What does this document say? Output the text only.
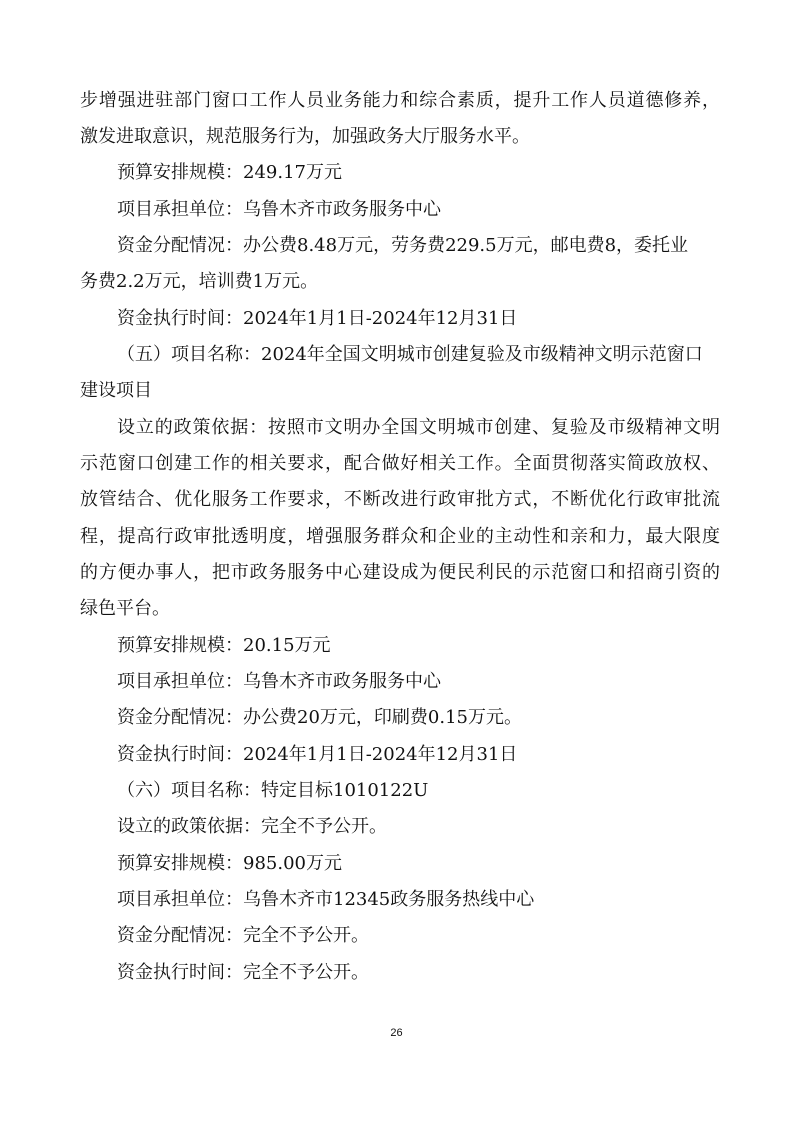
步增强进驻部门窗口工作人员业务能力和综合素质，提升工作人员道德修养，
激发进取意识，规范服务行为，加强政务大厅服务水平。
预算安排规模：249.17万元
项目承担单位：乌鲁木齐市政务服务中心
资金分配情况：办公费8.48万元，劳务费229.5万元，邮电费8，委托业
务费2.2万元，培训费1万元。
资金执行时间：2024年1月1日-2024年12月31日
（五）项目名称：2024年全国文明城市创建复验及市级精神文明示范窗口
建设项目
设立的政策依据：按照市文明办全国文明城市创建、复验及市级精神文明
示范窗口创建工作的相关要求，配合做好相关工作。全面贯彻落实简政放权、
放管结合、优化服务工作要求，不断改进行政审批方式，不断优化行政审批流
程，提高行政审批透明度，增强服务群众和企业的主动性和亲和力，最大限度
的方便办事人，把市政务服务中心建设成为便民利民的示范窗口和招商引资的
绿色平台。
预算安排规模：20.15万元
项目承担单位：乌鲁木齐市政务服务中心
资金分配情况：办公费20万元，印刷费0.15万元。
资金执行时间：2024年1月1日-2024年12月31日
（六）项目名称：特定目标1010122U
设立的政策依据：完全不予公开。
预算安排规模：985.00万元
项目承担单位：乌鲁木齐市12345政务服务热线中心
资金分配情况：完全不予公开。
资金执行时间：完全不予公开。
26
